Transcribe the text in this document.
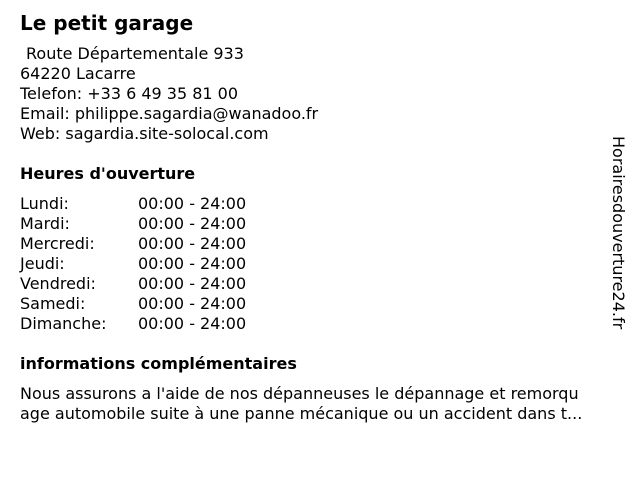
Le petit garage
Route Départementale 933
64220 Lacarre
Telefon: +33 6 49 35 81 00
Email: philippe.sagardia@wanadoo.fr
Web: sagardia.site-solocal.com
Heures d'ouverture
Lundi:	00:00 - 24:00
Mardi:	00:00 - 24:00
Mercredi:	00:00 - 24:00
Jeudi:	00:00 - 24:00
Vendredi:	00:00 - 24:00
Samedi:	00:00 - 24:00
Dimanche:	00:00 - 24:00
informations complémentaires
Nous assurons a l'aide de nos dépanneuses le dépannage et remorqu
age automobile suite à une panne mécanique ou un accident dans t...
Horairesdouverture24.fr
